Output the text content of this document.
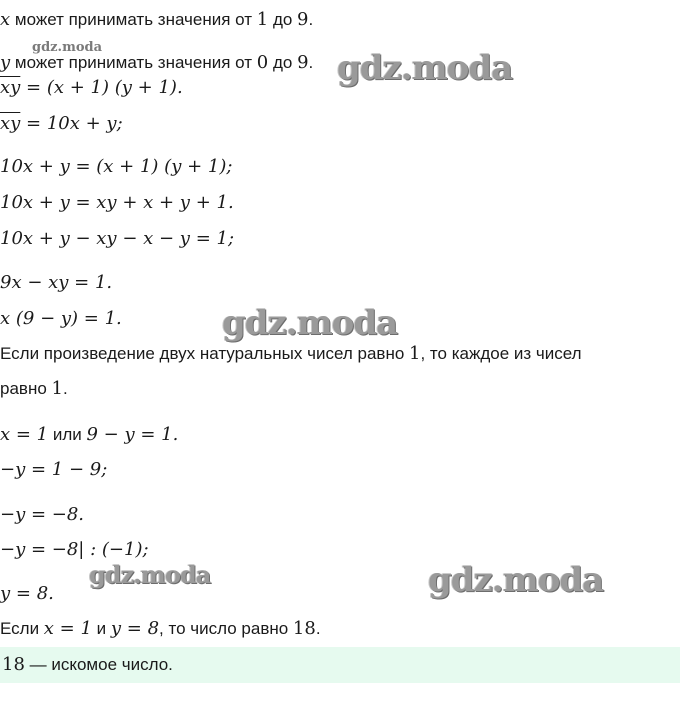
x может принимать значения от 1 до 9.
y может принимать значения от 0 до 9.
$\overline{xy} = (x + 1) (y + 1)$.
$\overline{xy} = 10x + y$;
10x + y = (x + 1) (y + 1);
10x + y = xy + x + y + 1.
10x + y − xy − x − y = 1;
9x − xy = 1.
x (9 − y) = 1.
Если произведение двух натуральных чисел равно 1, то каждое из чисел
равно 1.
x = 1 или 9 − y = 1.
−y = 1 − 9;
−y = −8.
−y = −8| : (−1);
y = 8.
Если x = 1 и y = 8, то число равно 18.
18 — искомое число.
gdz.moda
gdz.moda
gdz.moda
gdz.moda	gdz.moda
